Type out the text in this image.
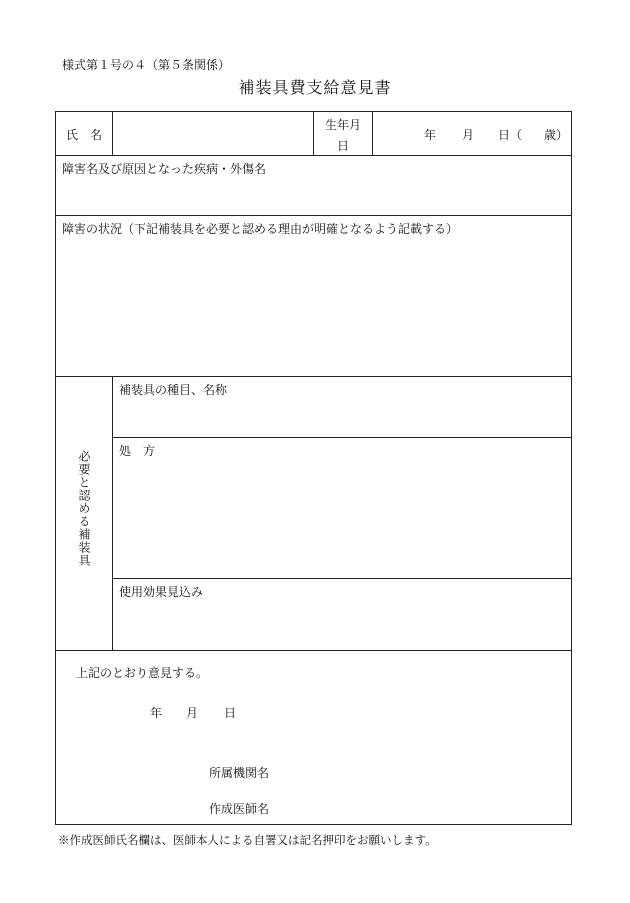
様式第１号の４（第５条関係）
補装具費支給意見書
氏　名
生年月
日
年 月 日（ 歳）
障害名及び原因となった疾病・外傷名
障害の状況（下記補装具を必要と認める理由が明確となるよう記載する）
必要と認める補装具
補装具の種目、名称
処　方
使用効果見込み
上記のとおり意見する。
年 月 日
所属機関名
作成医師名
※作成医師氏名欄は、医師本人による自署又は記名押印をお願いします。
